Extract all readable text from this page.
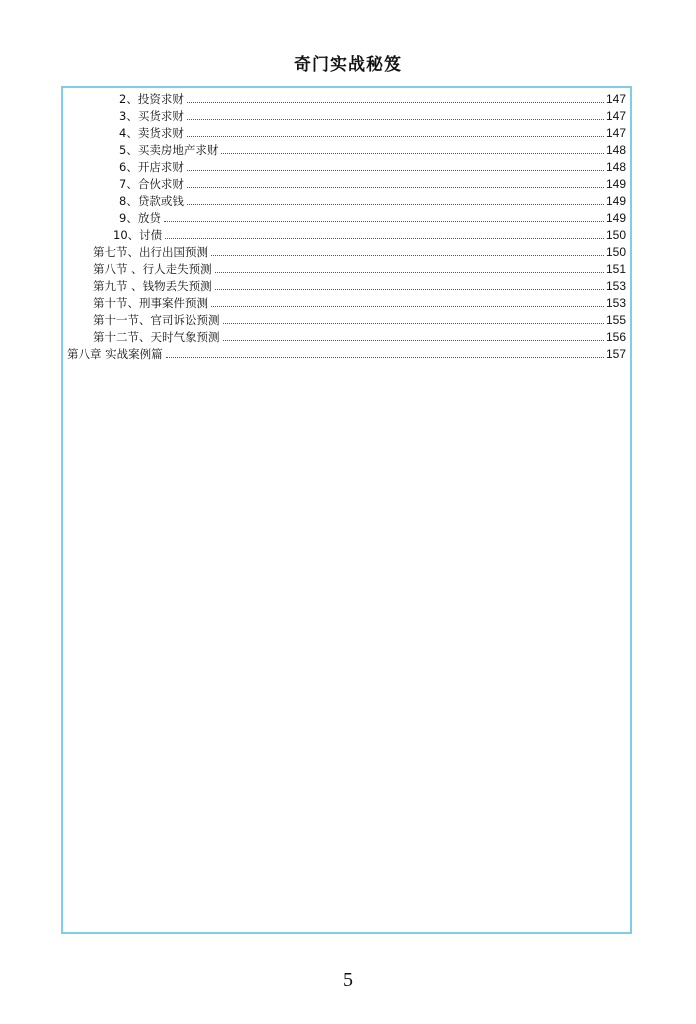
奇门实战秘笈
2、投资求财	147
3、买货求财	147
4、卖货求财	147
5、买卖房地产求财	148
6、开店求财	148
7、合伙求财	149
8、贷款或钱	149
9、放贷	149
10、讨债	150
第七节、出行出国预测	150
第八节 、行人走失预测	151
第九节 、钱物丢失预测	153
第十节、刑事案件预测	153
第十一节、官司诉讼预测	155
第十二节、天时气象预测	156
第八章 实战案例篇	157
5
